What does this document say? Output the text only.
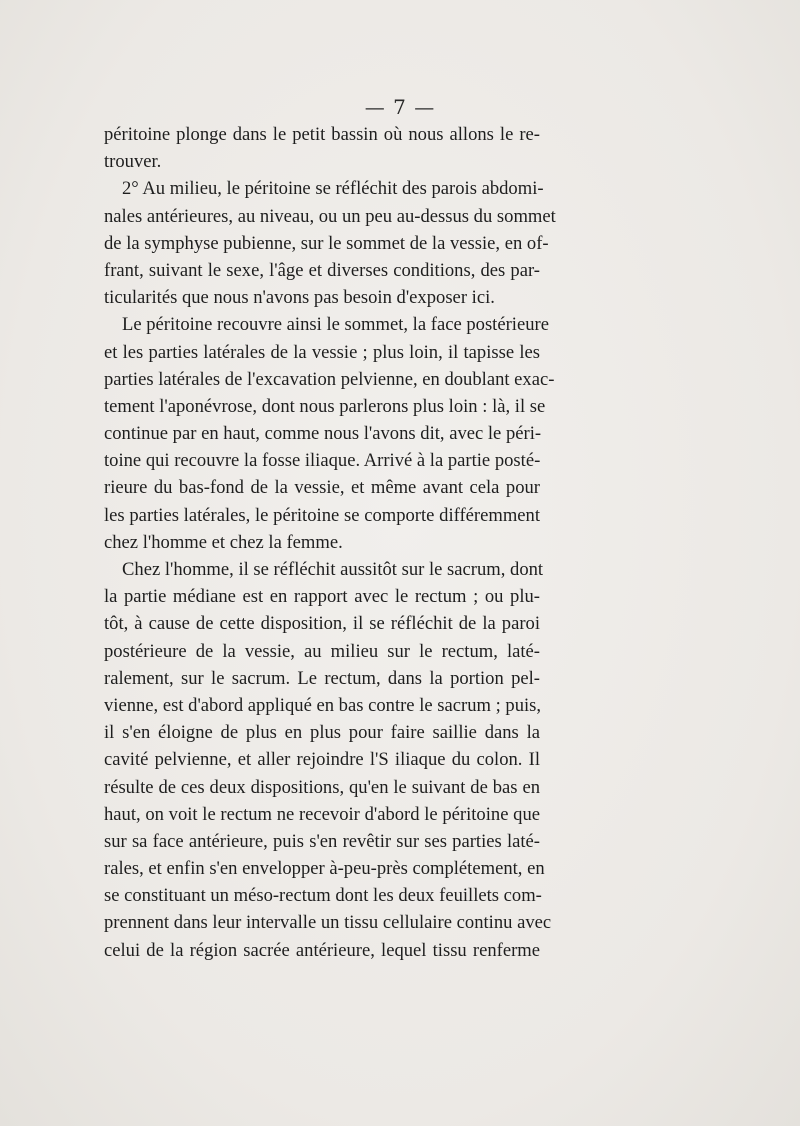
— 7 —

péritoine plonge dans le petit bassin où nous allons le re-
trouver.

2° Au milieu, le péritoine se réfléchit des parois abdomi-
nales antérieures, au niveau, ou un peu au-dessus du sommet
de la symphyse pubienne, sur le sommet de la vessie, en of-
frant, suivant le sexe, l'âge et diverses conditions, des par-
ticularités que nous n'avons pas besoin d'exposer ici.

Le péritoine recouvre ainsi le sommet, la face postérieure
et les parties latérales de la vessie ; plus loin, il tapisse les
parties latérales de l'excavation pelvienne, en doublant exac-
tement l'aponévrose, dont nous parlerons plus loin : là, il se
continue par en haut, comme nous l'avons dit, avec le péri-
toine qui recouvre la fosse iliaque. Arrivé à la partie posté-
rieure du bas-fond de la vessie, et même avant cela pour
les parties latérales, le péritoine se comporte différemment
chez l'homme et chez la femme.

Chez l'homme, il se réfléchit aussitôt sur le sacrum, dont
la partie médiane est en rapport avec le rectum ; ou plu-
tôt, à cause de cette disposition, il se réfléchit de la paroi
postérieure de la vessie, au milieu sur le rectum, laté-
ralement, sur le sacrum. Le rectum, dans la portion pel-
vienne, est d'abord appliqué en bas contre le sacrum ; puis,
il s'en éloigne de plus en plus pour faire saillie dans la
cavité pelvienne, et aller rejoindre l'S iliaque du colon. Il
résulte de ces deux dispositions, qu'en le suivant de bas en
haut, on voit le rectum ne recevoir d'abord le péritoine que
sur sa face antérieure, puis s'en revêtir sur ses parties laté-
rales, et enfin s'en envelopper à-peu-près complétement, en
se constituant un méso-rectum dont les deux feuillets com-
prennent dans leur intervalle un tissu cellulaire continu avec
celui de la région sacrée antérieure, lequel tissu renferme
